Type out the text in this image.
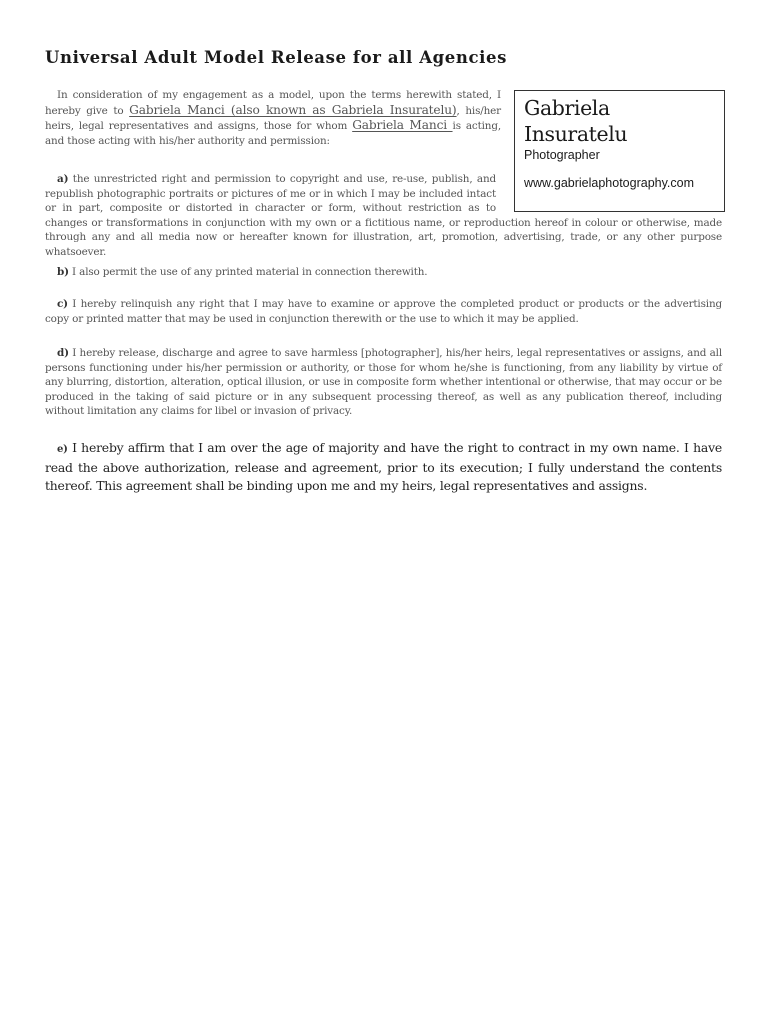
Universal Adult Model Release for all Agencies

In consideration of my engagement as a model, upon the terms herewith stated, I hereby give to Gabriela Manci (also known as Gabriela Insuratelu), his/her heirs, legal representatives and assigns, those for whom Gabriela Manci is acting, and those acting with his/her authority and permission:

a) the unrestricted right and permission to copyright and use, re-use, publish, and republish photographic portraits or pictures of me or in which I may be included intact or in part, composite or distorted in character or form, without restriction as to changes or transformations in conjunction with my own or a fictitious name, or reproduction hereof in colour or otherwise, made through any and all media now or hereafter known for illustration, art, promotion, advertising, trade, or any other purpose whatsoever.

b) I also permit the use of any printed material in connection therewith.

c) I hereby relinquish any right that I may have to examine or approve the completed product or products or the advertising copy or printed matter that may be used in conjunction therewith or the use to which it may be applied.

d) I hereby release, discharge and agree to save harmless [photographer], his/her heirs, legal representatives or assigns, and all persons functioning under his/her permission or authority, or those for whom he/she is functioning, from any liability by virtue of any blurring, distortion, alteration, optical illusion, or use in composite form whether intentional or otherwise, that may occur or be produced in the taking of said picture or in any subsequent processing thereof, as well as any publication thereof, including without limitation any claims for libel or invasion of privacy.

e) I hereby affirm that I am over the age of majority and have the right to contract in my own name. I have read the above authorization, release and agreement, prior to its execution; I fully understand the contents thereof. This agreement shall be binding upon me and my heirs, legal representatives and assigns.

Gabriela Insuratelu
Photographer
www.gabrielaphotography.com
